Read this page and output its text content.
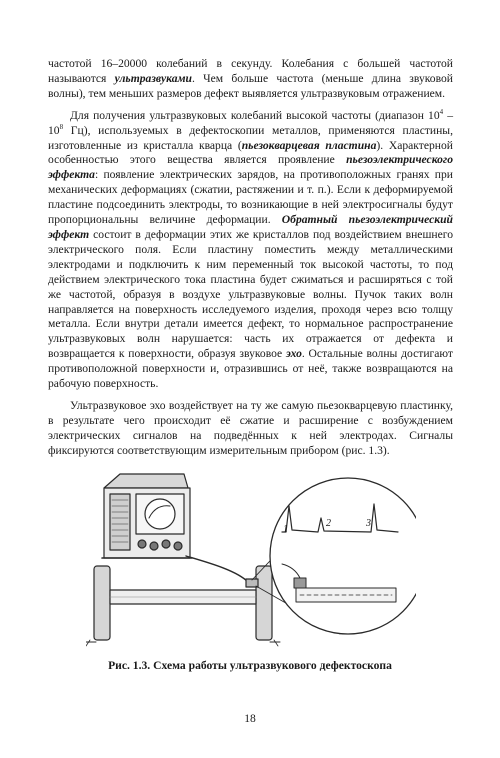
частотой 16–20000 колебаний в секунду. Колебания с большей частотой называются ультразвуками. Чем больше частота (меньше длина звуковой волны), тем меньших размеров дефект выявляется ультразвуковым отражением.

Для получения ультразвуковых колебаний высокой частоты (диапазон $10^4 - 10^8$ Гц), используемых в дефектоскопии металлов, применяются пластины, изготовленные из кристалла кварца (пьезокварцевая пластина). Характерной особенностью этого вещества является проявление пьезоэлектрического эффекта: появление электрических зарядов, на противоположных гранях при механических деформациях (сжатии, растяжении и т. п.). Если к деформируемой пластине подсоединить электроды, то возникающие в ней электросигналы будут пропорциональны величине деформации. Обратный пьезоэлектрический эффект состоит в деформации этих же кристаллов под воздействием внешнего электрического поля. Если пластину поместить между металлическими электродами и подключить к ним переменный ток высокой частоты, то под действием электрического тока пластина будет сжиматься и расширяться с той же частотой, образуя в воздухе ультразвуковые волны. Пучок таких волн направляется на поверхность исследуемого изделия, проходя через всю толщу металла. Если внутри детали имеется дефект, то нормальное распространение ультразвуковых волн нарушается: часть их отражается от дефекта и возвращается к поверхности, образуя звуковое эхо. Остальные волны достигают противоположной поверхности и, отразившись от неё, также возвращаются на рабочую поверхность.

Ультразвуковое эхо воздействует на ту же самую пьезокварцевую пластинку, в результате чего происходит её сжатие и расширение с возбуждением электрических сигналов на подведённых к ней электродах. Сигналы фиксируются соответствующим измерительным прибором (рис. 1.3).

1
2	3
Рис. 1.3. Схема работы ультразвукового дефектоскопа
18
